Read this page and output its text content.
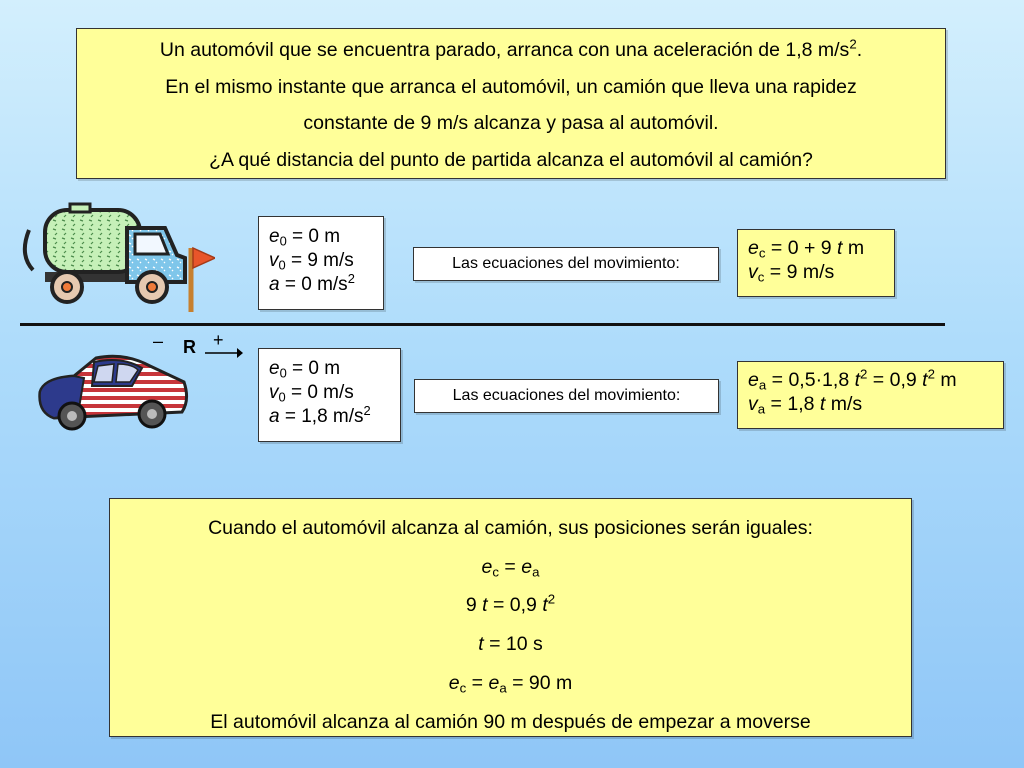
Un automóvil que se encuentra parado, arranca con una aceleración de 1,8 $m/s^2$.

En el mismo instante que arranca el automóvil, un camión que lleva una rapidez

constante de 9 m/s alcanza y pasa al automóvil.

¿A qué distancia del punto de partida alcanza el automóvil al camión?

$e_0 = 0$ m
$v_0 = 9$ m/s
a = 0 $m/s^2$
Las ecuaciones del movimiento:
$e_c = 0 + 9$ t m
$v_c = 9$ m/s
– R +
$e_0 = 0$ m
$v_0 = 0$ m/s
a = 1,8 $m/s^2$
Las ecuaciones del movimiento:
$e_a = 0,5\cdot 1,8$ $t^2 = 0,9$ $t^2$ m
$v_a = 1,8$ t m/s

Cuando el automóvil alcanza al camión, sus posiciones serán iguales:

$e_c = e_a$

9 t = 0,9 $t^2$

t = 10 s

$e_c = e_a = 90$ m

El automóvil alcanza al camión 90 m después de empezar a moverse
